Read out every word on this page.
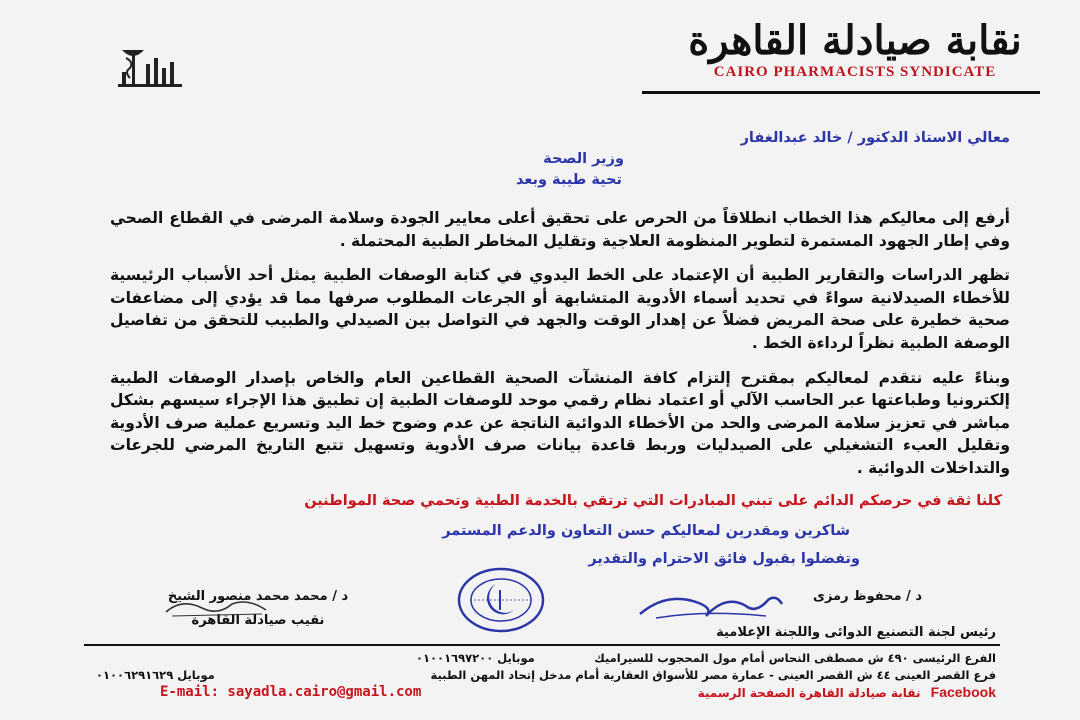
نقابة صيادلة القاهرة
CAIRO PHARMACISTS SYNDICATE
معالي الاستاذ الدكتور / خالد عبدالغفار
وزير الصحة
تحية طيبة وبعد
أرفع إلى معاليكم هذا الخطاب انطلاقاً من الحرص على تحقيق أعلى معايير الجودة وسلامة المرضى في القطاع الصحي وفي إطار الجهود المستمرة لتطوير المنظومة العلاجية وتقليل المخاطر الطبية المحتملة .
تظهر الدراسات والتقارير الطبية أن الإعتماد على الخط اليدوي في كتابة الوصفات الطبية يمثل أحد الأسباب الرئيسية للأخطاء الصيدلانية سواءً في تحديد أسماء الأدوية المتشابهة أو الجرعات المطلوب صرفها مما قد يؤدي إلى مضاعفات صحية خطيرة على صحة المريض فضلاً عن إهدار الوقت والجهد في التواصل بين الصيدلي والطبيب للتحقق من تفاصيل الوصفة الطبية نظراً لرداءة الخط .
وبناءً عليه نتقدم لمعاليكم بمقترح إلتزام كافة المنشآت الصحية القطاعين العام والخاص بإصدار الوصفات الطبية إلكترونيا وطباعتها عبر الحاسب الآلي أو اعتماد نظام رقمي موحد للوصفات الطبية إن تطبيق هذا الإجراء سيسهم بشكل مباشر في تعزيز سلامة المرضى والحد من الأخطاء الدوائية الناتجة عن عدم وضوح خط اليد وتسريع عملية صرف الأدوية وتقليل العبء التشغيلي على الصيدليات وربط قاعدة بيانات صرف الأدوية وتسهيل تتبع التاريخ المرضي للجرعات والتداخلات الدوائية .
كلنا ثقة في حرصكم الدائم على تبني المبادرات التي ترتقي بالخدمة الطبية وتحمي صحة المواطنين
شاكرين ومقدرين لمعاليكم حسن التعاون والدعم المستمر
وتفضلوا بقبول فائق الاحترام والتقدير
د / محفوظ رمزى
رئيس لجنة التصنيع الدوائى واللجنة الإعلامية
د / محمد محمد منصور الشيخ
نقيب صيادلة القاهرة
الفرع الرئيسى ٤٩٠ ش مصطفى النحاس أمام مول المحجوب للسيراميك
موبايل ٠١٠٠١٦٩٧٢٠٠
فرع القصر العينى ٤٤ ش القصر العينى - عمارة مصر للأسواق العقارية أمام مدخل إتحاد المهن الطبية
موبايل ٠١٠٠٦٢٩١٦٢٩
E-mail: sayadla.cairo@gmail.com	Facebook نقابة صيادلة القاهرة الصفحة الرسمية
